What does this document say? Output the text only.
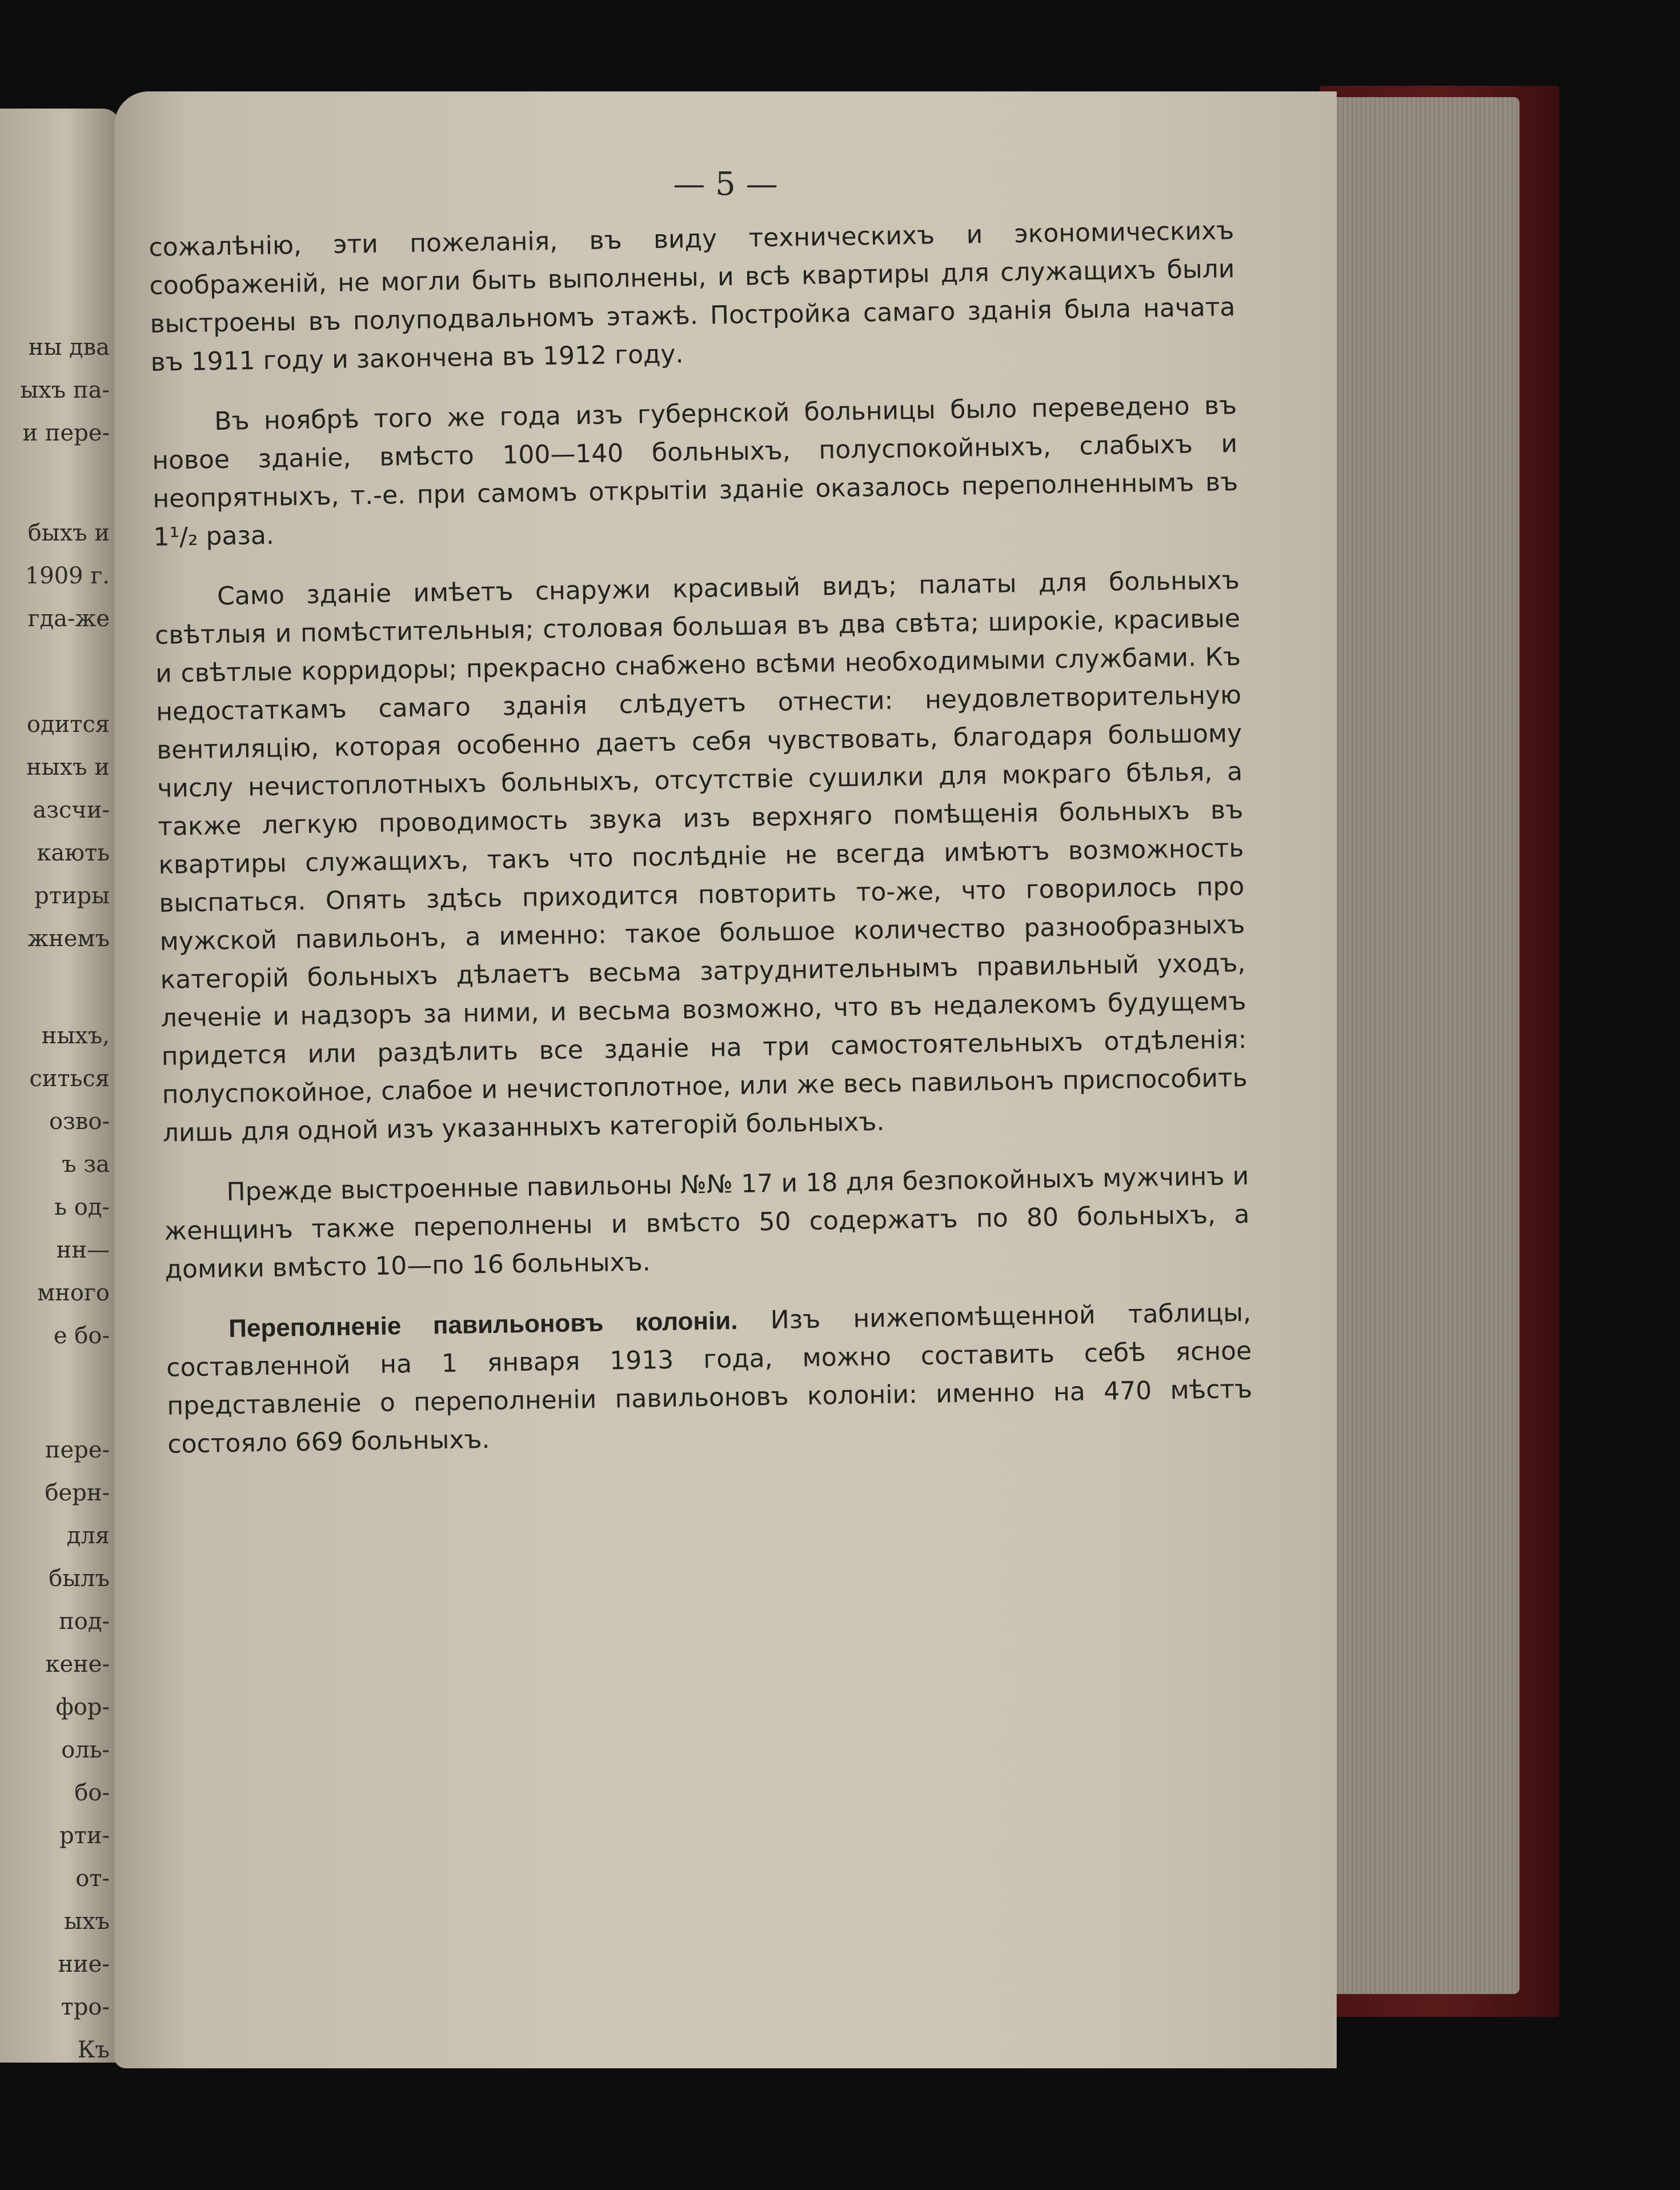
ны два
ыхъ па-
и пере-
быхъ и
1909 г.
гда-же
одится
ныхъ и
азсчи-
кають
ртиры
жнемъ
ныхъ,
ситься
озво-
ъ за
ь од-
нн—
много
е бо-
пере-
берн-
для
былъ
под-
кене-
фор-
оль-
бо-
рти-
от-
ыхъ
ние-
тро-
Къ
— 5 —

сожалѣнію, эти пожеланія, въ виду техническихъ и экономическихъ соображеній, не могли быть выполнены, и всѣ квартиры для служащихъ были выстроены въ полуподвальномъ этажѣ. Постройка самаго зданія была начата въ 1911 году и закончена въ 1912 году.

Въ ноябрѣ того же года изъ губернской больницы было переведено въ новое зданіе, вмѣсто 100—140 больныхъ, полуспокойныхъ, слабыхъ и неопрятныхъ, т.-е. при самомъ открытіи зданіе оказалось переполненнымъ въ 1¹/₂ раза.

Само зданіе имѣетъ снаружи красивый видъ; палаты для больныхъ свѣтлыя и помѣстительныя; столовая большая въ два свѣта; широкіе, красивые и свѣтлые корридоры; прекрасно снабжено всѣми необходимыми службами. Къ недостаткамъ самаго зданія слѣдуетъ отнести: неудовлетворительную вентиляцію, которая особенно даетъ себя чувствовать, благодаря большому числу нечистоплотныхъ больныхъ, отсутствіе сушилки для мокраго бѣлья, а также легкую проводимость звука изъ верхняго помѣщенія больныхъ въ квартиры служащихъ, такъ что послѣдніе не всегда имѣютъ возможность выспаться. Опять здѣсь приходится повторить то-же, что говорилось про мужской павильонъ, а именно: такое большое количество разнообразныхъ категорій больныхъ дѣлаетъ весьма затруднительнымъ правильный уходъ, леченіе и надзоръ за ними, и весьма возможно, что въ недалекомъ будущемъ придется или раздѣлить все зданіе на три самостоятельныхъ отдѣленія: полуспокойное, слабое и нечистоплотное, или же весь павильонъ приспособить лишь для одной изъ указанныхъ категорій больныхъ.

Прежде выстроенные павильоны №№ 17 и 18 для безпокойныхъ мужчинъ и женщинъ также переполнены и вмѣсто 50 содержатъ по 80 больныхъ, а домики вмѣсто 10—по 16 больныхъ.

Переполненіе павильоновъ колоніи. Изъ нижепомѣщенной таблицы, составленной на 1 января 1913 года, можно составить себѣ ясное представленіе о переполненіи павильоновъ колоніи: именно на 470 мѣстъ состояло 669 больныхъ.
